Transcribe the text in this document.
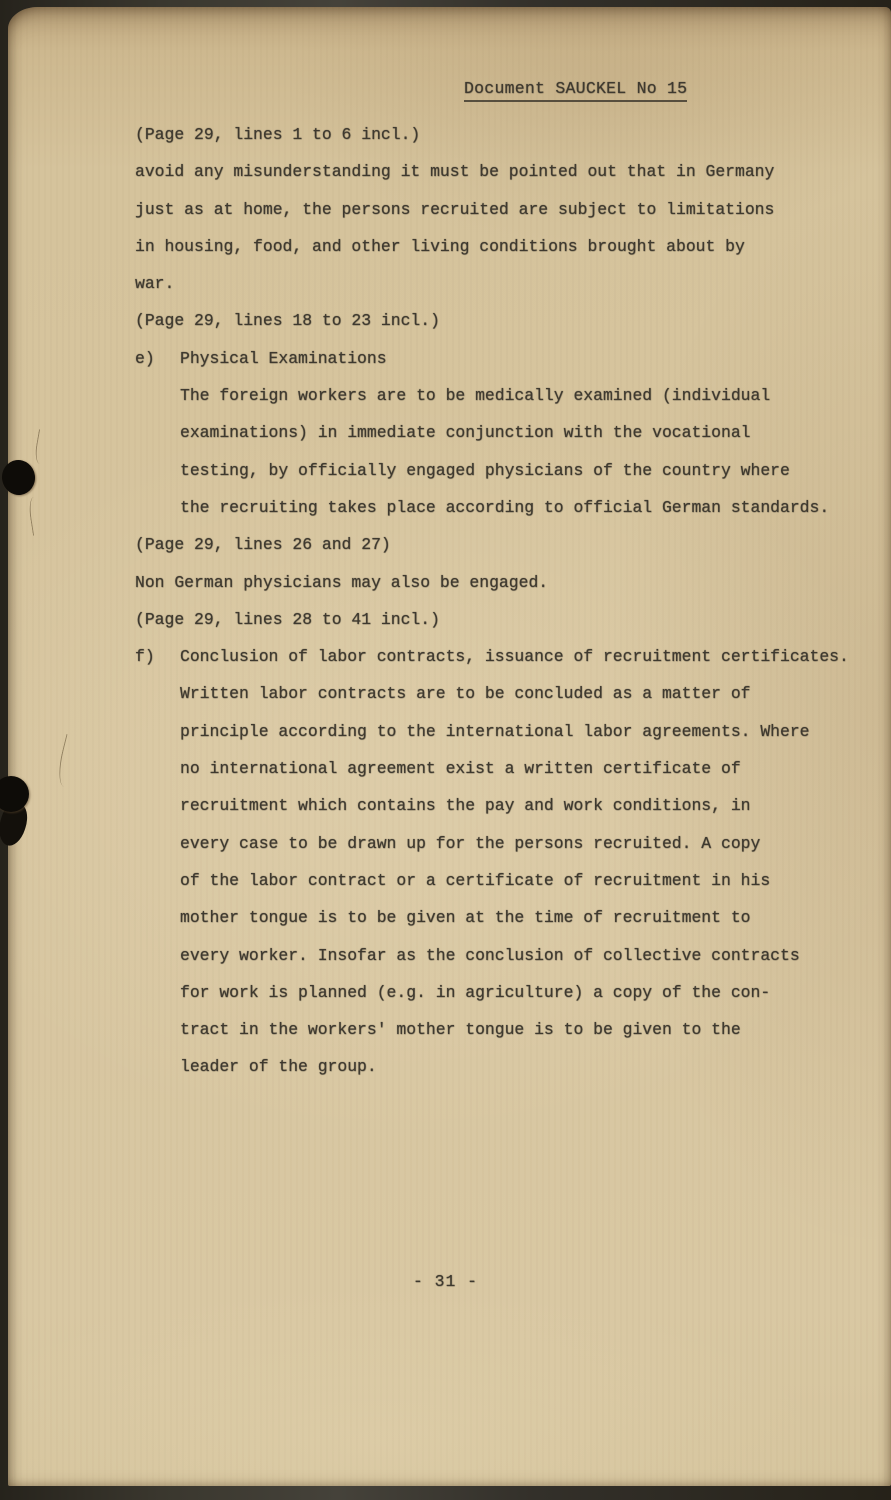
Document SAUCKEL No 15
(Page 29, lines 1 to 6 incl.)
avoid any misunderstanding it must be pointed out that in Germany
just as at home, the persons recruited are subject to limitations
in housing, food, and other living conditions brought about by
war.
(Page 29, lines 18 to 23 incl.)
e) Physical Examinations
The foreign workers are to be medically examined (individual
examinations) in immediate conjunction with the vocational
testing, by officially engaged physicians of the country where
the recruiting takes place according to official German standards.
(Page 29, lines 26 and 27)
Non German physicians may also be engaged.
(Page 29, lines 28 to 41 incl.)
f) Conclusion of labor contracts, issuance of recruitment certificates.
Written labor contracts are to be concluded as a matter of
principle according to the international labor agreements. Where
no international agreement exist a written certificate of
recruitment which contains the pay and work conditions, in
every case to be drawn up for the persons recruited. A copy
of the labor contract or a certificate of recruitment in his
mother tongue is to be given at the time of recruitment to
every worker. Insofar as the conclusion of collective contracts
for work is planned (e.g. in agriculture) a copy of the con-
tract in the workers' mother tongue is to be given to the
leader of the group.
- 31 -
